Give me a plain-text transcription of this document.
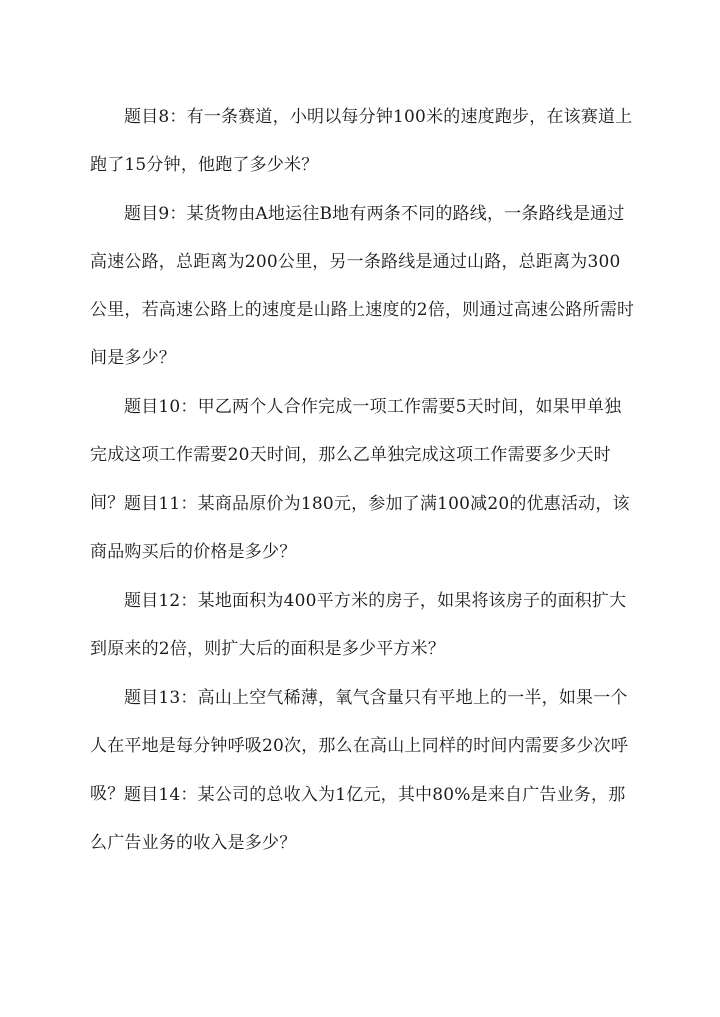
题目8：有一条赛道，小明以每分钟100米的速度跑步，在该赛道上跑了15分钟，他跑了多少米？

题目9：某货物由A地运往B地有两条不同的路线，一条路线是通过高速公路，总距离为200公里，另一条路线是通过山路，总距离为300公里，若高速公路上的速度是山路上速度的2倍，则通过高速公路所需时间是多少？

题目10：甲乙两个人合作完成一项工作需要5天时间，如果甲单独完成这项工作需要20天时间，那么乙单独完成这项工作需要多少天时间？ 题目11：某商品原价为180元，参加了满100减20的优惠活动，该商品购买后的价格是多少？

题目12：某地面积为400平方米的房子，如果将该房子的面积扩大到原来的2倍，则扩大后的面积是多少平方米？

题目13：高山上空气稀薄，氧气含量只有平地上的一半，如果一个人在平地是每分钟呼吸20次，那么在高山上同样的时间内需要多少次呼吸？ 题目14：某公司的总收入为1亿元，其中80%是来自广告业务，那么广告业务的收入是多少？
